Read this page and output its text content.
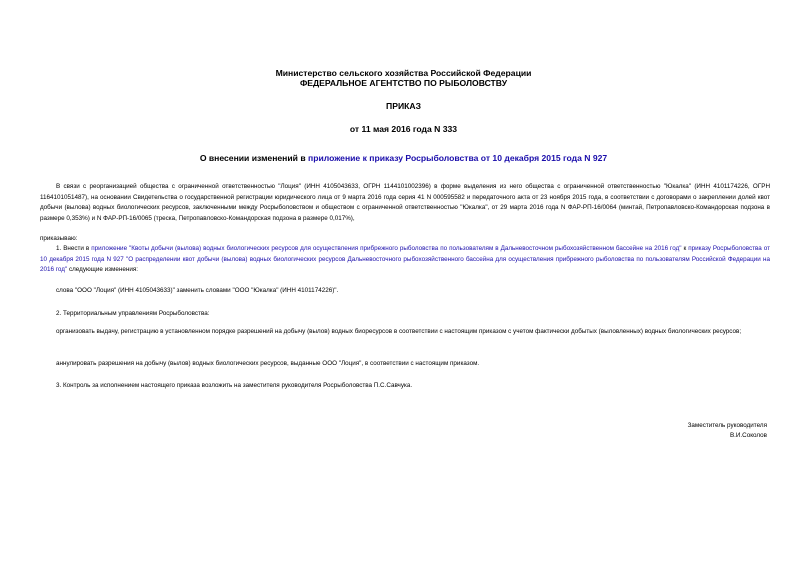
Министерство сельского хозяйства Российской Федерации
ФЕДЕРАЛЬНОЕ АГЕНТСТВО ПО РЫБОЛОВСТВУ
ПРИКАЗ
от 11 мая 2016 года N 333
О внесении изменений в приложение к приказу Росрыболовства от 10 декабря 2015 года N 927
В связи с реорганизацией общества с ограниченной ответственностью "Лоция" (ИНН 4105043633, ОГРН 1144101002396) в форме выделения из него общества с ограниченной ответственностью "Юкалка" (ИНН 4101174226, ОГРН 1164101051487), на основании Свидетельства о государственной регистрации юридического лица от 9 марта 2016 года серия 41 N 000595582 и передаточного акта от 23 ноября 2015 года, в соответствии с договорами о закреплении долей квот добычи (вылова) водных биологических ресурсов, заключенными между Росрыболовством и обществом с ограниченной ответственностью "Юкалка", от 29 марта 2016 года N ФАР-РП-16/0064 (минтай, Петропавловско-Командорская подзона в размере 0,353%) и N ФАР-РП-16/0065 (треска, Петропавловско-Командорская подзона в размере 0,017%),
приказываю:
1. Внести в приложение "Квоты добычи (вылова) водных биологических ресурсов для осуществления прибрежного рыболовства по пользователям в Дальневосточном рыбохозяйственном бассейне на 2016 год" к приказу Росрыболовства от 10 декабря 2015 года N 927 "О распределении квот добычи (вылова) водных биологических ресурсов Дальневосточного рыбохозяйственного бассейна для осуществления прибрежного рыболовства по пользователям Российской Федерации на 2016 год" следующие изменения:
слова "ООО "Лоция" (ИНН 4105043633)" заменить словами "ООО "Юкалка" (ИНН 4101174226)".
2. Территориальным управлениям Росрыболовства:
организовать выдачу, регистрацию в установленном порядке разрешений на добычу (вылов) водных биоресурсов в соответствии с настоящим приказом с учетом фактически добытых (выловленных) водных биологических ресурсов;
аннулировать разрешения на добычу (вылов) водных биологических ресурсов, выданные ООО "Лоция", в соответствии с настоящим приказом.
3. Контроль за исполнением настоящего приказа возложить на заместителя руководителя Росрыболовства П.С.Савчука.
Заместитель руководителя
В.И.Соколов
